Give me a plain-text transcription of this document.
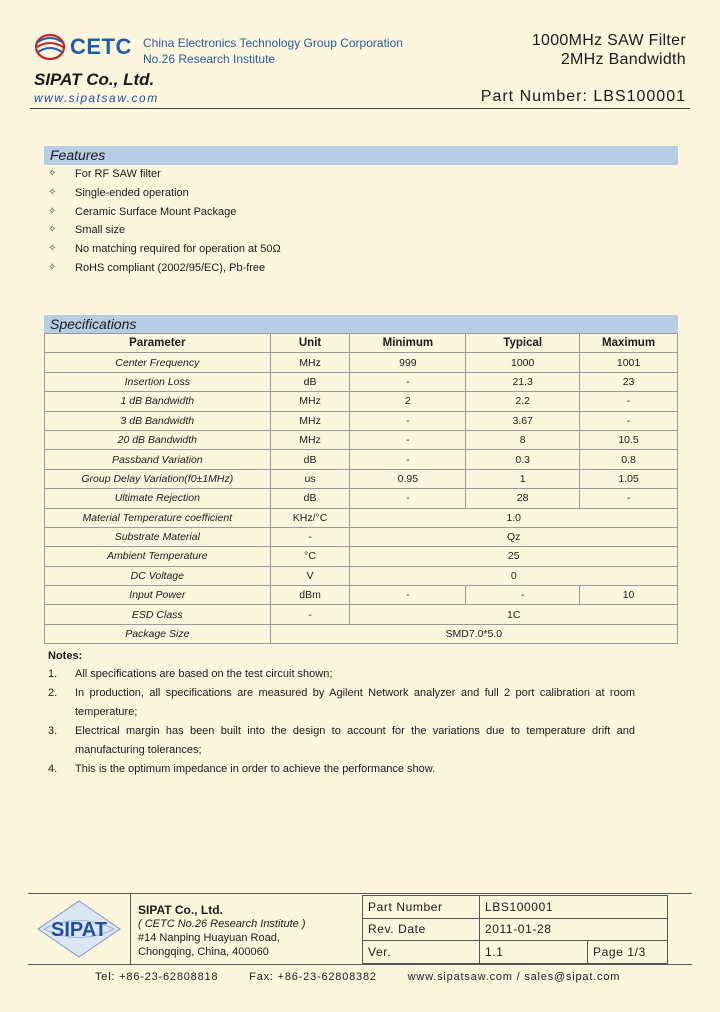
CETC China Electronics Technology Group Corporation
No.26 Research Institute
1000MHz SAW Filter
2MHz Bandwidth
SIPAT Co., Ltd.
www.sipatsaw.com	Part Number: LBS100001
Features
✧	For RF SAW filter
✧	Single-ended operation
✧	Ceramic Surface Mount Package
✧	Small size
✧	No matching required for operation at 50Ω
✧	RoHS compliant (2002/95/EC), Pb-free
Specifications
Parameter	Unit	Minimum	Typical	Maximum
Center Frequency	MHz	999	1000	1001
Insertion Loss	dB	-	21.3	23
1 dB Bandwidth	MHz	2	2.2	-
3 dB Bandwidth	MHz	-	3.67	-
20 dB Bandwidth	MHz	-	8	10.5
Passband Variation	dB	-	0.3	0.8
Group Delay Variation(f0±1MHz)	us	0.95	1	1.05
Ultimate Rejection	dB	-	28	-
Material Temperature coefficient	KHz/°C	1.0		
Substrate Material	-	Qz		
Ambient Temperature	°C	25		
DC Voltage	V	0		
Input Power	dBm	-	-	10
ESD Class	-	1C		
Package Size	SMD7.0*5.0			
Notes:
1.	All specifications are based on the test circuit shown;
2.	In production, all specifications are measured by Agilent Network analyzer and full 2 port calibration at room temperature;
3.	Electrical margin has been built into the design to account for the variations due to temperature drift and manufacturing tolerances;
4.	This is the optimum impedance in order to achieve the performance show.
SIPAT
SIPAT Co., Ltd.
( CETC No.26 Research Institute )
#14 Nanping Huayuan Road,
Chongqing, China, 400060
Part Number	LBS100001	
Rev. Date	2011-01-28	
Ver.	1.1	Page 1/3
Tel: +86-23-62808818        Fax: +86-23-62808382        www.sipatsaw.com / sales@sipat.com
